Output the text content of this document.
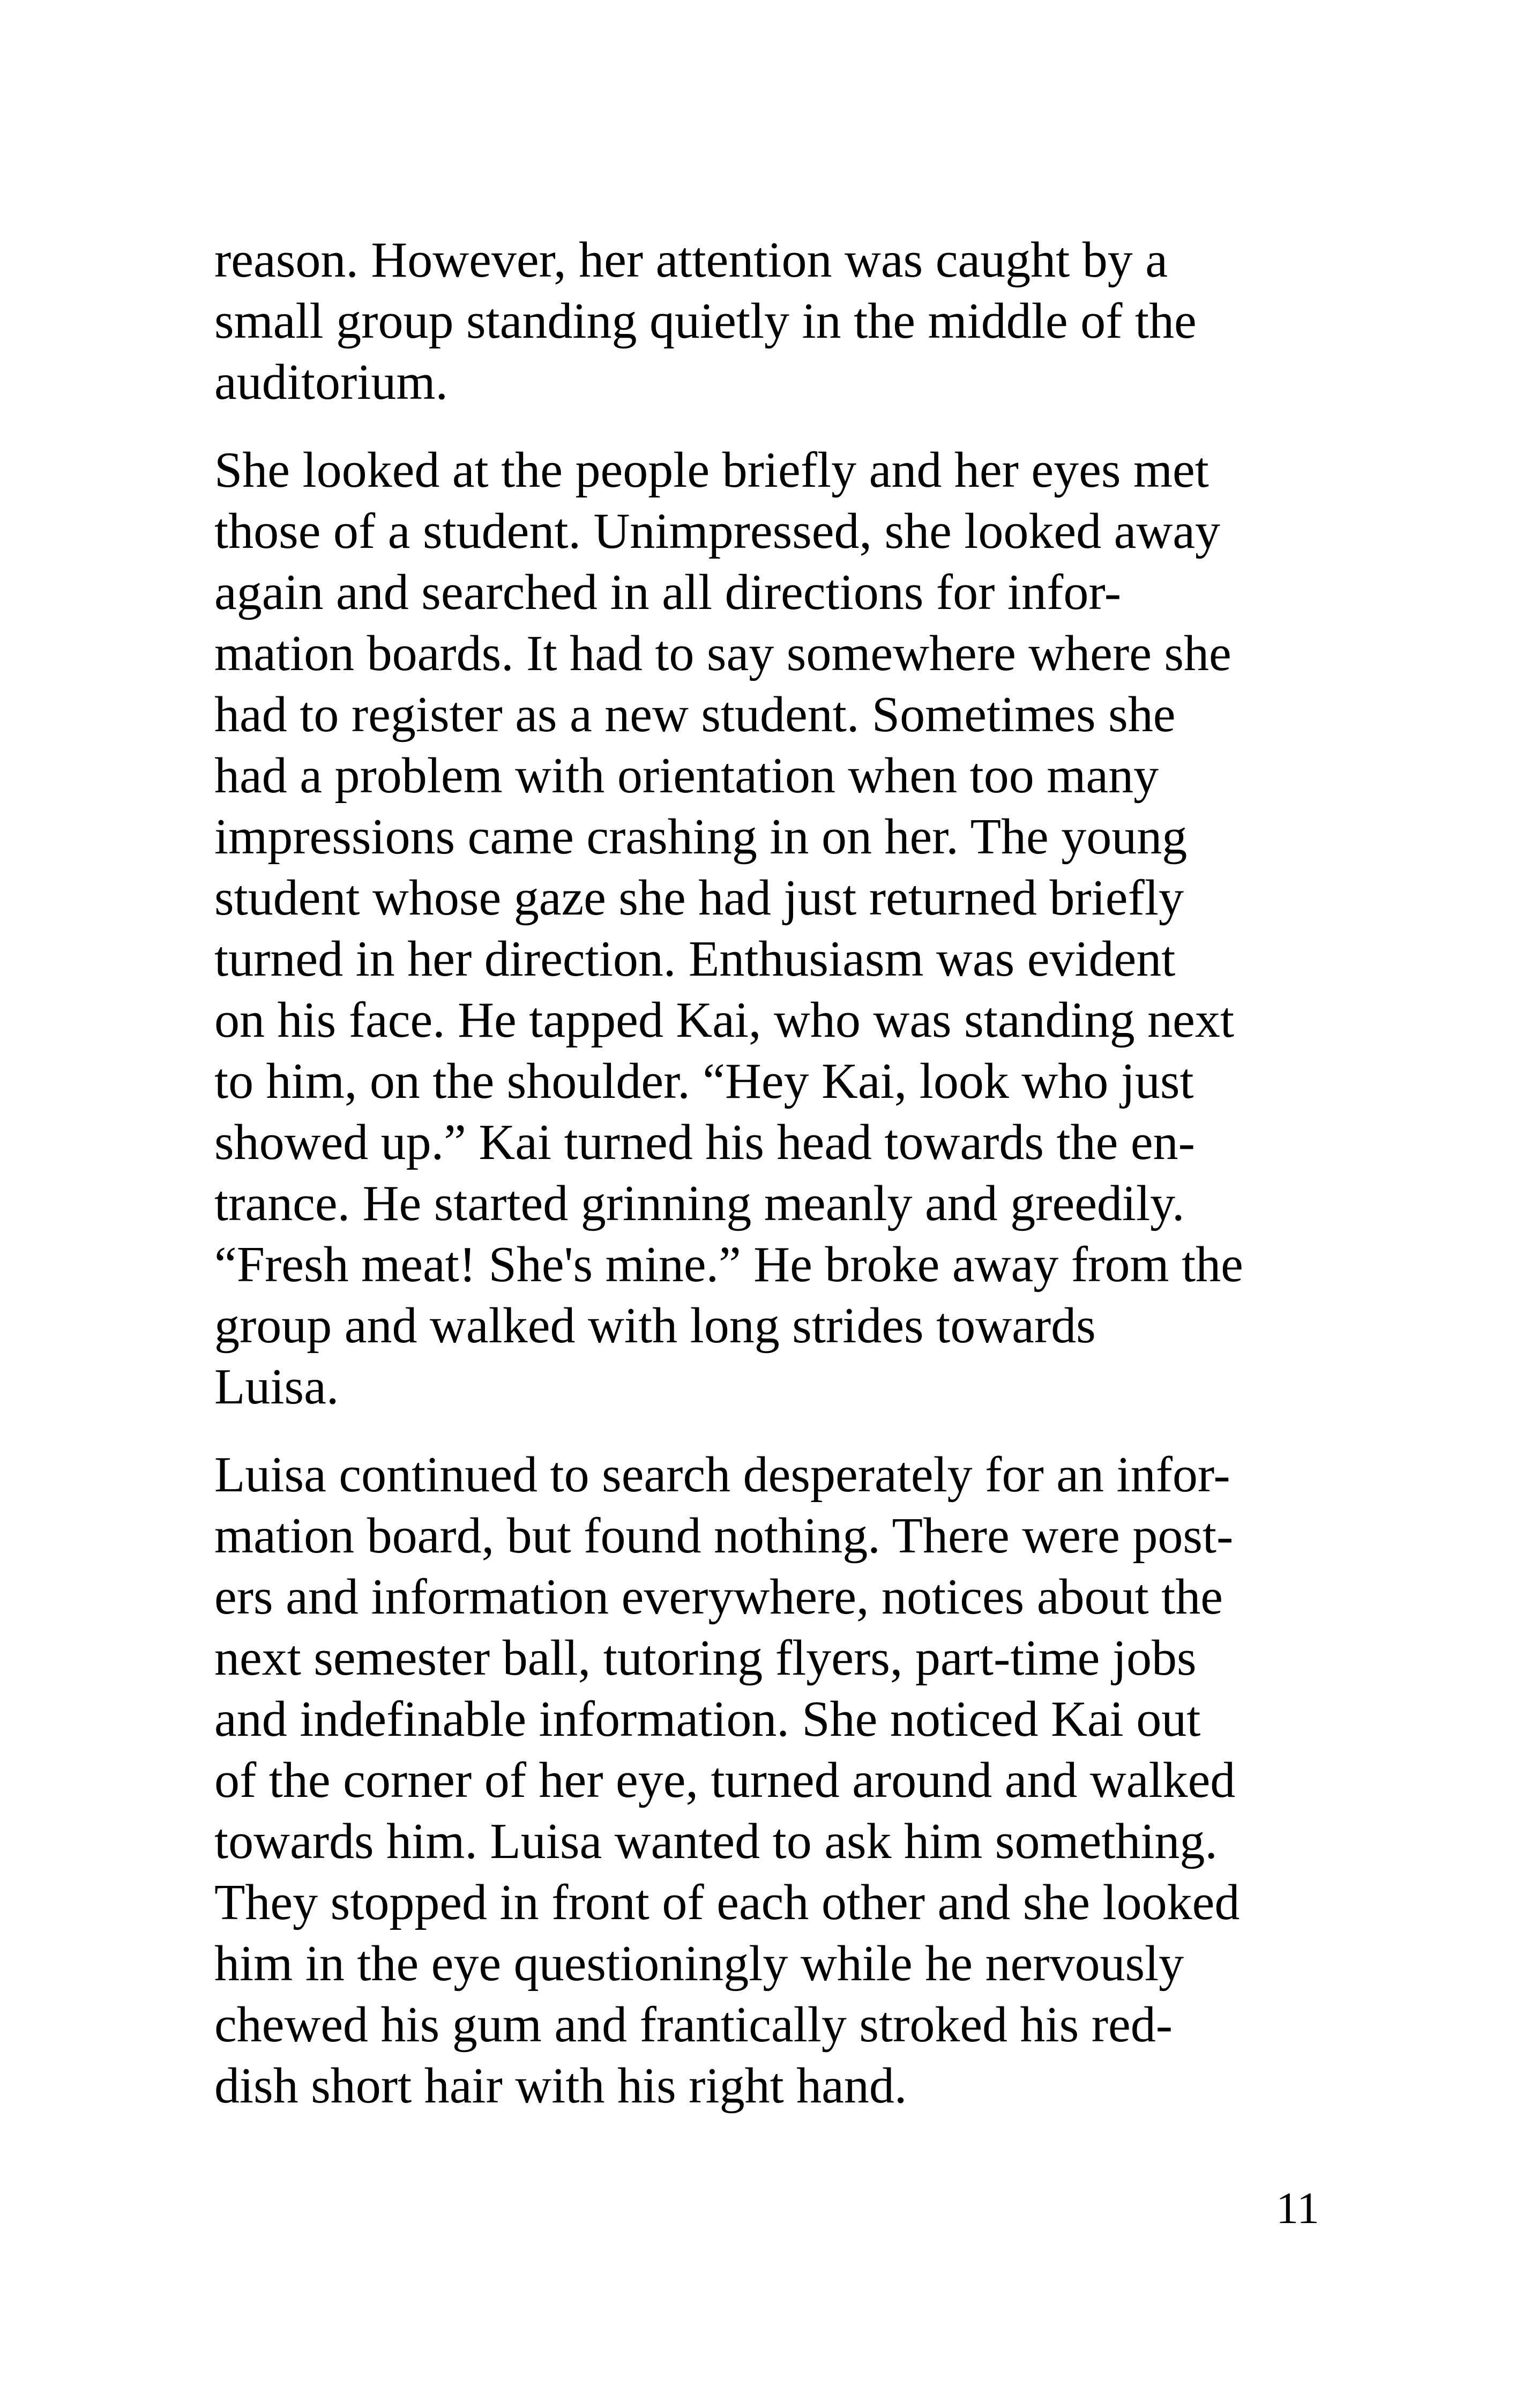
reason. However, her attention was caught by a
small group standing quietly in the middle of the
auditorium.
She looked at the people briefly and her eyes met
those of a student. Unimpressed, she looked away
again and searched in all directions for infor-
mation boards. It had to say somewhere where she
had to register as a new student. Sometimes she
had a problem with orientation when too many
impressions came crashing in on her. The young
student whose gaze she had just returned briefly
turned in her direction. Enthusiasm was evident
on his face. He tapped Kai, who was standing next
to him, on the shoulder. “Hey Kai, look who just
showed up.” Kai turned his head towards the en-
trance. He started grinning meanly and greedily.
“Fresh meat! She's mine.” He broke away from the
group and walked with long strides towards
Luisa.
Luisa continued to search desperately for an infor-
mation board, but found nothing. There were post-
ers and information everywhere, notices about the
next semester ball, tutoring flyers, part-time jobs
and indefinable information. She noticed Kai out
of the corner of her eye, turned around and walked
towards him. Luisa wanted to ask him something.
They stopped in front of each other and she looked
him in the eye questioningly while he nervously
chewed his gum and frantically stroked his red-
dish short hair with his right hand.
11
